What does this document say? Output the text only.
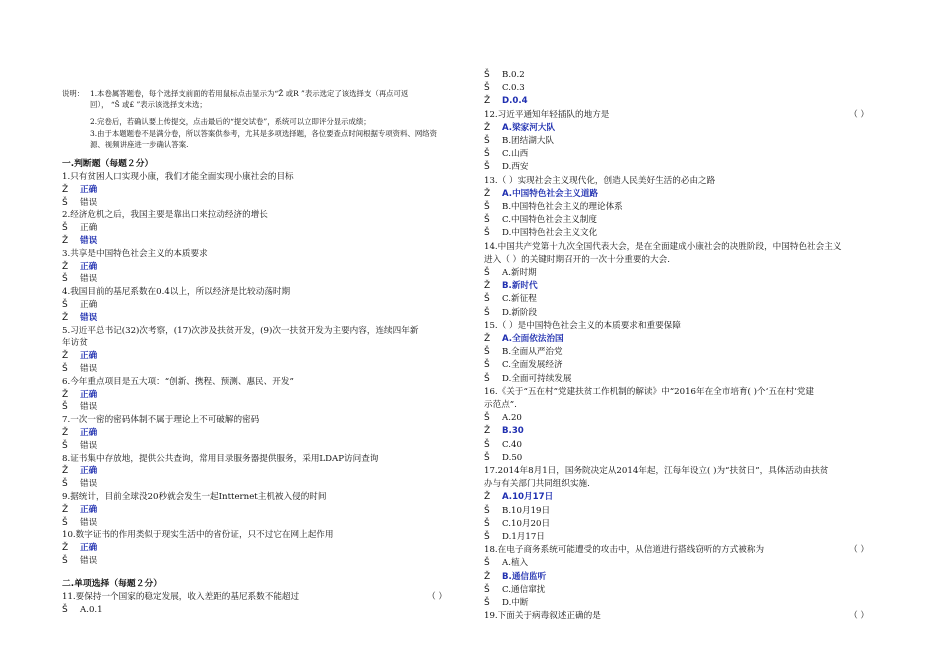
说明： 1.本卷属答题卷，每个选择支前面的若用鼠标点击显示为“Ž 或R ”表示选定了该选择支（再点可返
回）， “Š 或£ ”表示该选择支未选；
2.完卷后，若确认要上传提交，点击最后的“提交试卷”，系统可以立即评分显示成绩；
3.由于本题题卷不是满分卷，所以答案供参考，尤其是多项选择题，各位要查点时间根据专项资料、网络资
源、视频讲座进一步确认答案.
一.判断题（每题２分）
1.只有贫困人口实现小康，我们才能全面实现小康社会的目标
Ž 正确
Š 错误
2.经济危机之后，我国主要是靠出口来拉动经济的增长
Š 正确
Ž 错误
3.共享是中国特色社会主义的本质要求
Ž 正确
Š 错误
4.我国目前的基尼系数在0.4以上，所以经济是比较动荡时期
Š 正确
Ž 错误
5.习近平总书记(32)次考察，(17)次涉及扶贫开发，(9)次一扶贫开发为主要内容，连续四年新
年访贫
Ž 正确
Š 错误
6.今年重点项目是五大项：“创新、携程、预测、惠民、开发”
Ž 正确
Š 错误
7.一次一密的密码体制不属于理论上不可破解的密码
Ž 正确
Š 错误
8.证书集中存放地，提供公共查询，常用目录服务器提供服务，采用LDAP访问查询
Ž 正确
Š 错误
9.据统计，目前全球没20秒就会发生一起Intternet主机被入侵的时间
Ž 正确
Š 错误
10.数字证书的作用类似于现实生活中的省份证，只不过它在网上起作用
Ž 正确
Š 错误
二.单项选择（每题２分）
11.要保持一个国家的稳定发展，收入差距的基尼系数不能超过	（ ）
Š A.0.1
Š B.0.2
Š C.0.3
Ž D.0.4
12.习近平通知年轻插队的地方是	（ ）
Ž A.梁家河大队
Š B.团结湖大队
Š C.山西
Š D.西安
13.（ ）实现社会主义现代化，创造人民美好生活的必由之路
Ž A.中国特色社会主义道路
Š B.中国特色社会主义的理论体系
Š C.中国特色社会主义制度
Š D.中国特色社会主义文化
14.中国共产党第十九次全国代表大会，是在全面建成小康社会的决胜阶段，中国特色社会主义
进入（ ）的关键时期召开的一次十分重要的大会.
Š A.新时期
Ž B.新时代
Š C.新征程
Š D.新阶段
15.（ ）是中国特色社会主义的本质要求和重要保障
Ž A.全面依法治国
Š B.全面从严治党
Š C.全面发展经济
Š D.全面可持续发展
16.《关于“五在村”党建扶贫工作机制的解读》中“2016年在全市培育( )个‘五在村’党建
示范点”.
Š A.20
Ž B.30
Š C.40
Š D.50
17.2014年8月1日，国务院决定从2014年起，江每年设立( )为“扶贫日”，具体活动由扶贫
办与有关部门共同组织实施.
Ž A.10月17日
Š B.10月19日
Š C.10月20日
Š D.1月17日
18.在电子商务系统可能遭受的攻击中，从信道进行搭线窃听的方式被称为	（ ）
Š A.植入
Ž B.通信监听
Š C.通信窜扰
Š D.中断
19.下面关于病毒叙述正确的是	（ ）
